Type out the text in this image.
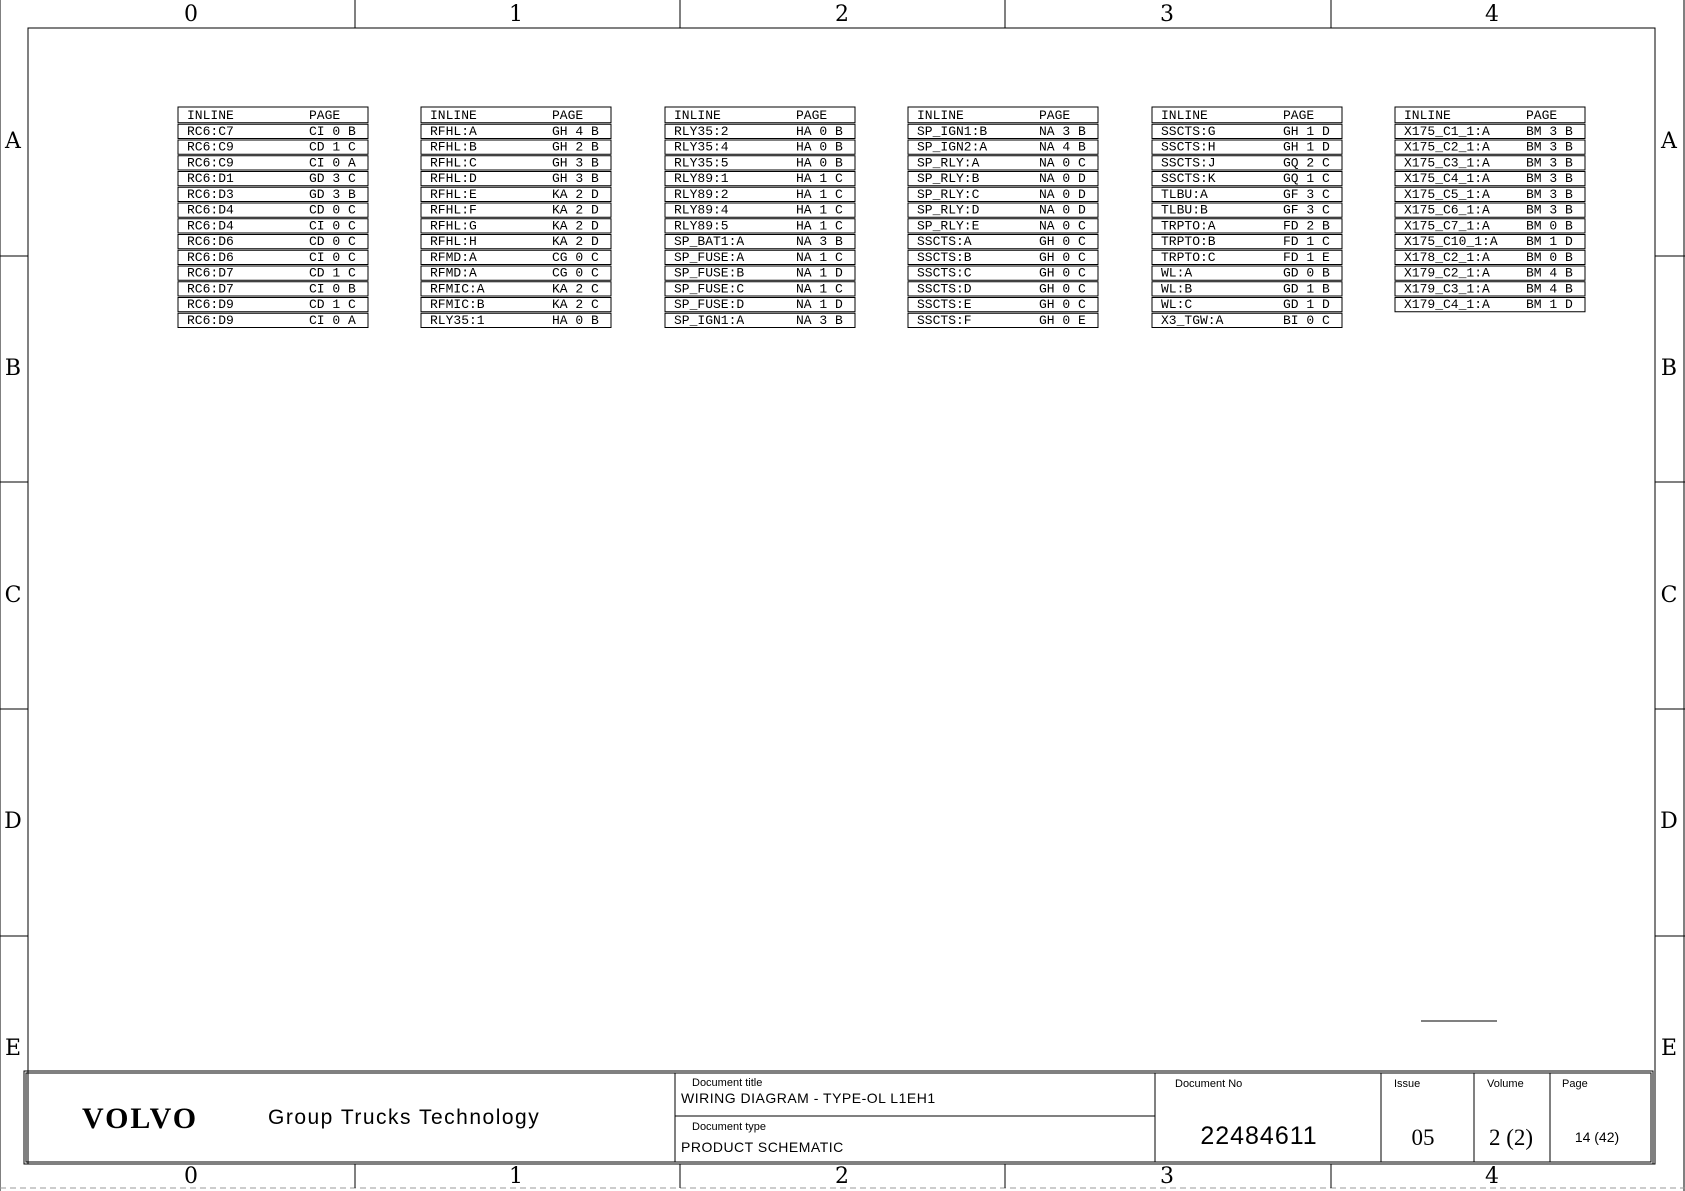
0	1	2	3	4
0	1	2	3	4
A
B
C
D
E
A
B
C
D
E
INLINE	PAGE
RC6:C7	CI 0 B
RC6:C9	CD 1 C
RC6:C9	CI 0 A
RC6:D1	GD 3 C
RC6:D3	GD 3 B
RC6:D4	CD 0 C
RC6:D4	CI 0 C
RC6:D6	CD 0 C
RC6:D6	CI 0 C
RC6:D7	CD 1 C
RC6:D7	CI 0 B
RC6:D9	CD 1 C
RC6:D9	CI 0 A
INLINE	PAGE
RFHL:A	GH 4 B
RFHL:B	GH 2 B
RFHL:C	GH 3 B
RFHL:D	GH 3 B
RFHL:E	KA 2 D
RFHL:F	KA 2 D
RFHL:G	KA 2 D
RFHL:H	KA 2 D
RFMD:A	CG 0 C
RFMD:A	CG 0 C
RFMIC:A	KA 2 C
RFMIC:B	KA 2 C
RLY35:1	HA 0 B
INLINE	PAGE
RLY35:2	HA 0 B
RLY35:4	HA 0 B
RLY35:5	HA 0 B
RLY89:1	HA 1 C
RLY89:2	HA 1 C
RLY89:4	HA 1 C
RLY89:5	HA 1 C
SP_BAT1:A	NA 3 B
SP_FUSE:A	NA 1 C
SP_FUSE:B	NA 1 D
SP_FUSE:C	NA 1 C
SP_FUSE:D	NA 1 D
SP_IGN1:A	NA 3 B
INLINE	PAGE
SP_IGN1:B	NA 3 B
SP_IGN2:A	NA 4 B
SP_RLY:A	NA 0 C
SP_RLY:B	NA 0 D
SP_RLY:C	NA 0 D
SP_RLY:D	NA 0 D
SP_RLY:E	NA 0 C
SSCTS:A	GH 0 C
SSCTS:B	GH 0 C
SSCTS:C	GH 0 C
SSCTS:D	GH 0 C
SSCTS:E	GH 0 C
SSCTS:F	GH 0 E
INLINE	PAGE
SSCTS:G	GH 1 D
SSCTS:H	GH 1 D
SSCTS:J	GQ 2 C
SSCTS:K	GQ 1 C
TLBU:A	GF 3 C
TLBU:B	GF 3 C
TRPTO:A	FD 2 B
TRPTO:B	FD 1 C
TRPTO:C	FD 1 E
WL:A	GD 0 B
WL:B	GD 1 B
WL:C	GD 1 D
X3_TGW:A	BI 0 C
INLINE	PAGE
X175_C1_1:A	BM 3 B
X175_C2_1:A	BM 3 B
X175_C3_1:A	BM 3 B
X175_C4_1:A	BM 3 B
X175_C5_1:A	BM 3 B
X175_C6_1:A	BM 3 B
X175_C7_1:A	BM 0 B
X175_C10_1:A BM 1 D
X178_C2_1:A	BM 0 B
X179_C2_1:A	BM 4 B
X179_C3_1:A	BM 4 B
X179_C4_1:A	BM 1 D
VOLVO	Group Trucks Technology
Document title
WIRING DIAGRAM - TYPE-OL L1EH1
Document type
PRODUCT SCHEMATIC
Document No
22484611
Issue
05
Volume
2 (2)
Page
14 (42)
